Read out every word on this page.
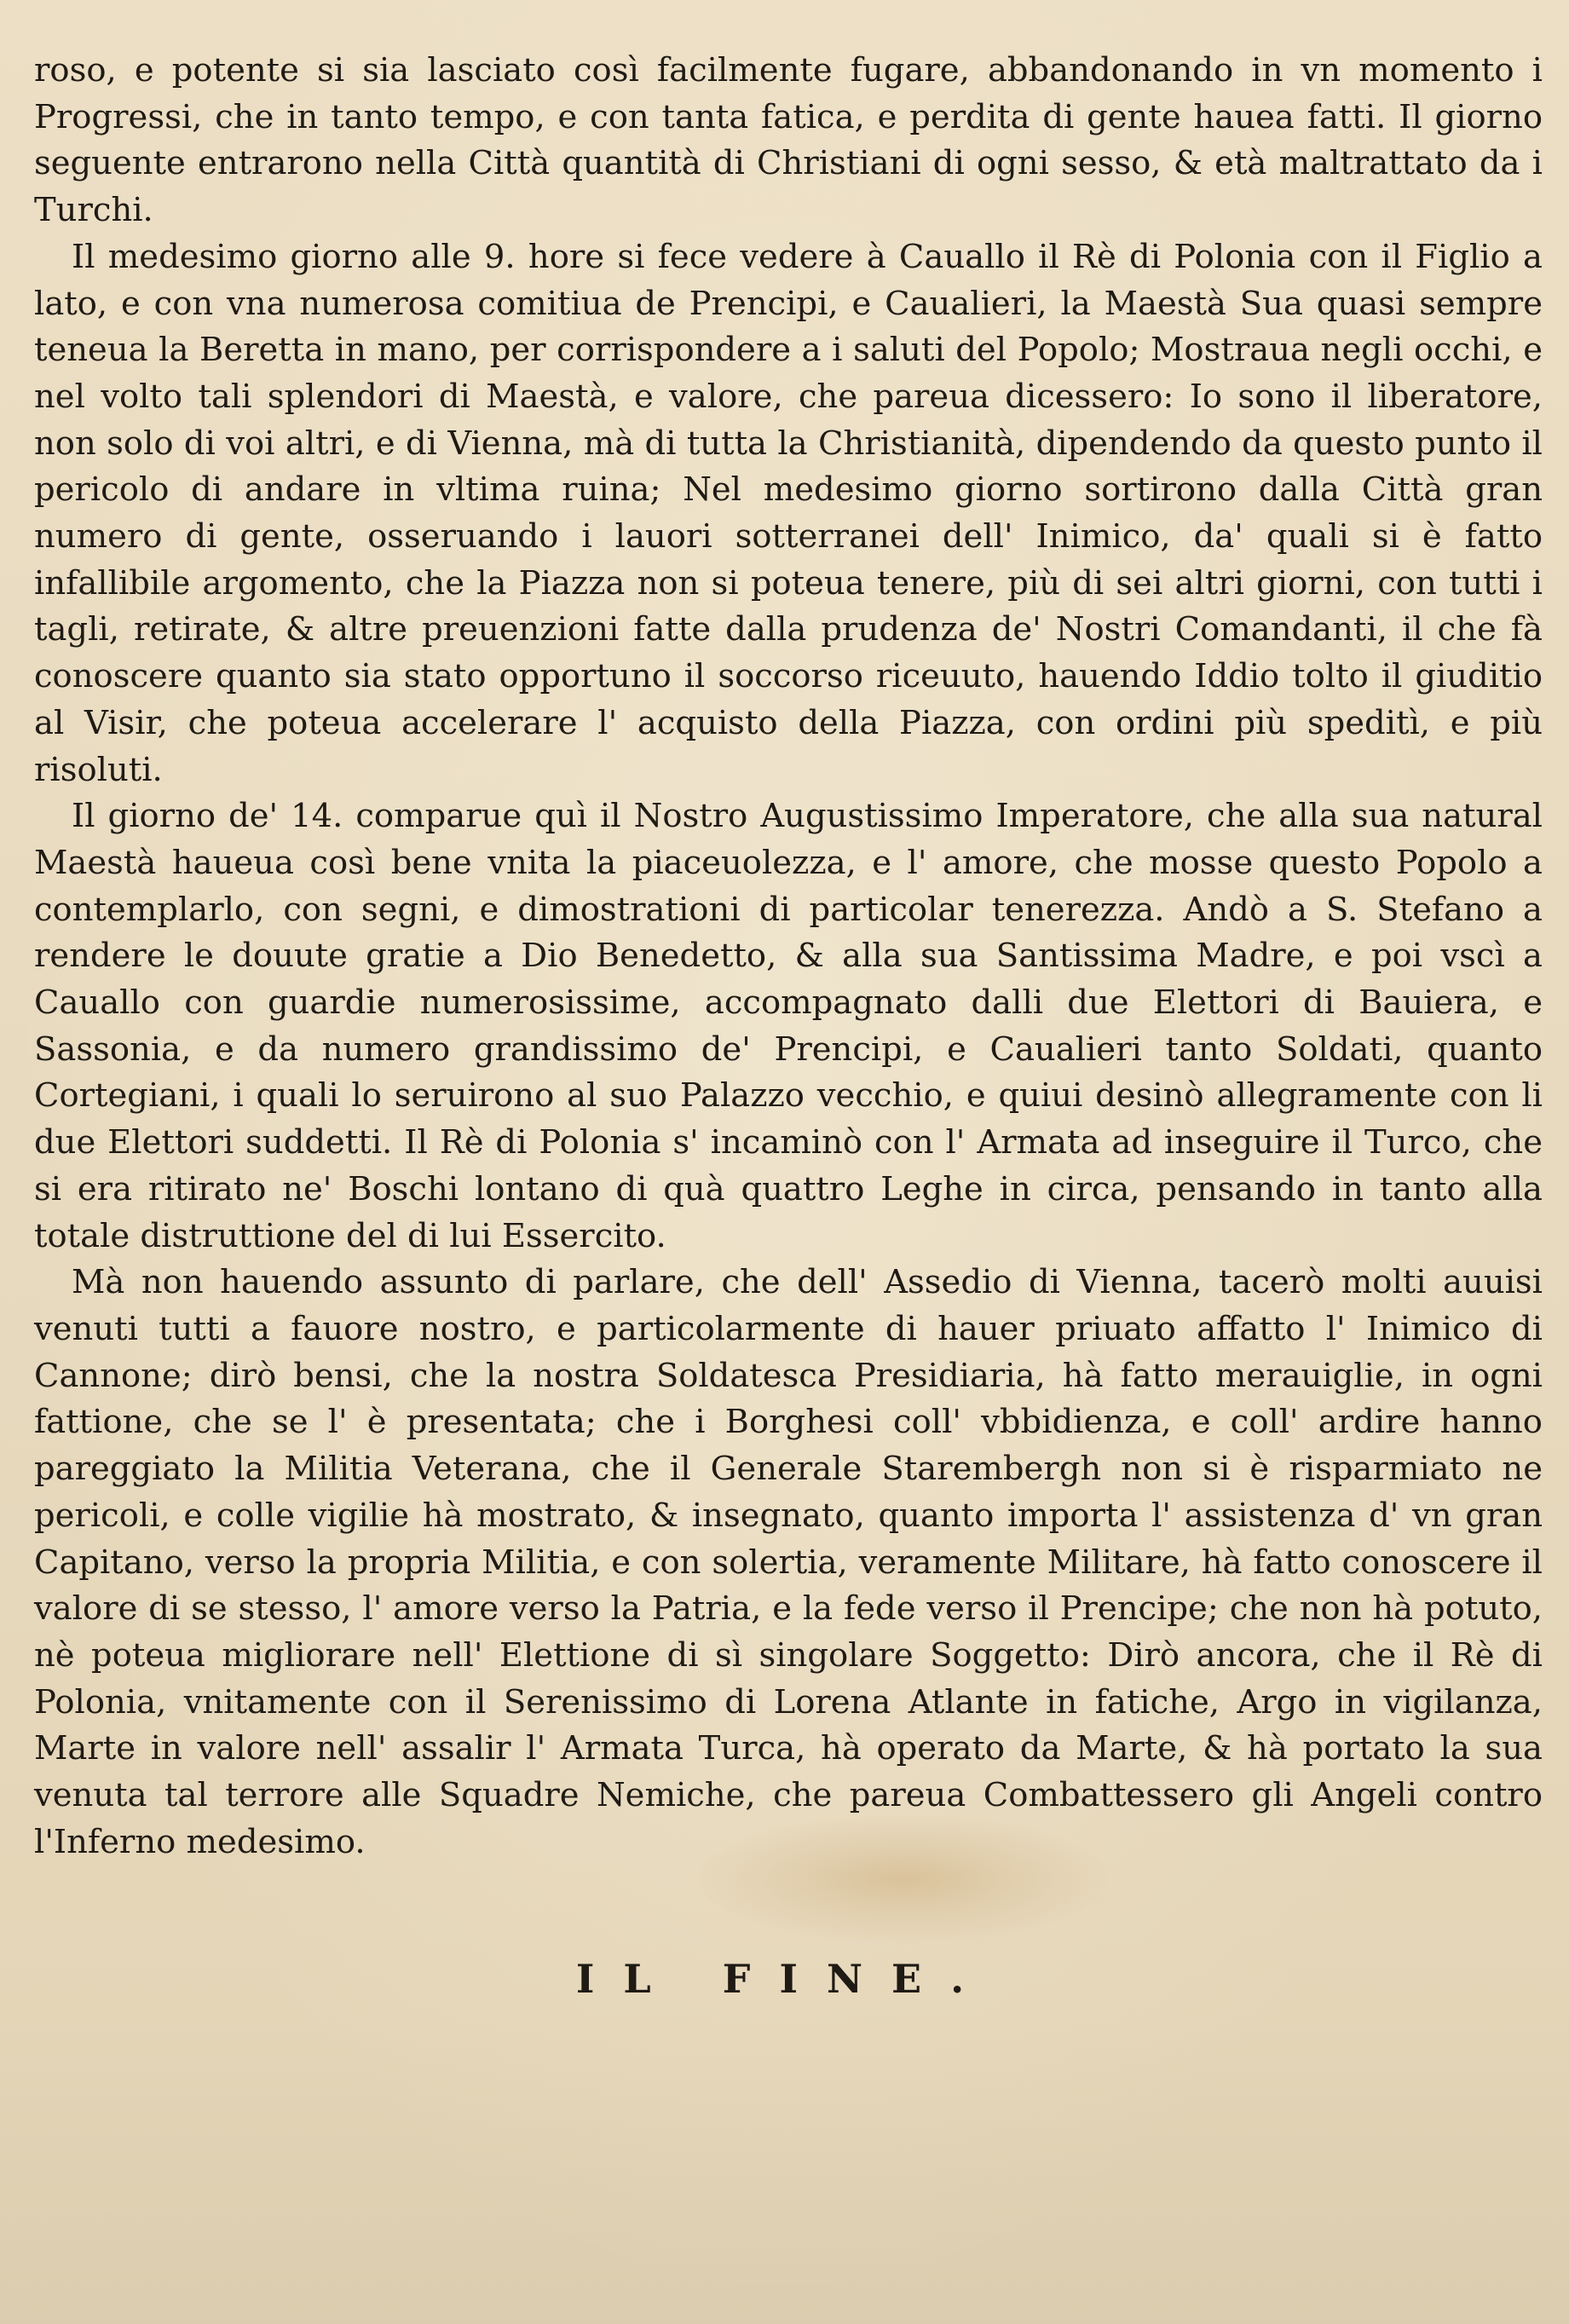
roso, e potente si sia lasciato così facilmente fugare, abbandonando in vn momento i Progressi, che in tanto tempo, e con tanta fatica, e perdita di gente hauea fatti. Il giorno seguente entrarono nella Città quantità di Christiani di ogni sesso, & età maltrattato da i Turchi.

Il medesimo giorno alle 9. hore si fece vedere à Cauallo il Rè di Polonia con il Figlio a lato, e con vna numerosa comitiua de Prencipi, e Caualieri, la Maestà Sua quasi sempre teneua la Beretta in mano, per corrispondere a i saluti del Popolo; Mostraua negli occhi, e nel volto tali splendori di Maestà, e valore, che pareua dicessero: Io sono il liberatore, non solo di voi altri, e di Vienna, mà di tutta la Christianità, dipendendo da questo punto il pericolo di andare in vltima ruina; Nel medesimo giorno sortirono dalla Città gran numero di gente, osseruando i lauori sotterranei dell' Inimico, da' quali si è fatto infallibile argomento, che la Piazza non si poteua tenere, più di sei altri giorni, con tutti i tagli, retirate, & altre preuenzioni fatte dalla prudenza de' Nostri Comandanti, il che fà conoscere quanto sia stato opportuno il soccorso riceuuto, hauendo Iddio tolto il giuditio al Visir, che poteua accelerare l' acquisto della Piazza, con ordini più speditì, e più risoluti.

Il giorno de' 14. comparue quì il Nostro Augustissimo Imperatore, che alla sua natural Maestà haueua così bene vnita la piaceuolezza, e l' amore, che mosse questo Popolo a contemplarlo, con segni, e dimostrationi di particolar tenerezza. Andò a S. Stefano a rendere le douute gratie a Dio Benedetto, & alla sua Santissima Madre, e poi vscì a Cauallo con guardie numerosissime, accompagnato dalli due Elettori di Bauiera, e Sassonia, e da numero grandissimo de' Prencipi, e Caualieri tanto Soldati, quanto Cortegiani, i quali lo seruirono al suo Palazzo vecchio, e quiui desinò allegramente con li due Elettori suddetti. Il Rè di Polonia s' incaminò con l' Armata ad inseguire il Turco, che si era ritirato ne' Boschi lontano di quà quattro Leghe in circa, pensando in tanto alla totale distruttione del di lui Essercito.

Mà non hauendo assunto di parlare, che dell' Assedio di Vienna, tacerò molti auuisi venuti tutti a fauore nostro, e particolarmente di hauer priuato affatto l' Inimico di Cannone; dirò bensi, che la nostra Soldatesca Presidiaria, hà fatto merauiglie, in ogni fattione, che se l' è presentata; che i Borghesi coll' vbbidienza, e coll' ardire hanno pareggiato la Militia Veterana, che il Generale Starembergh non si è risparmiato ne pericoli, e colle vigilie hà mostrato, & insegnato, quanto importa l' assistenza d' vn gran Capitano, verso la propria Militia, e con solertia, veramente Militare, hà fatto conoscere il valore di se stesso, l' amore verso la Patria, e la fede verso il Prencipe; che non hà potuto, nè poteua migliorare nell' Elettione di sì singolare Soggetto: Dirò ancora, che il Rè di Polonia, vnitamente con il Serenissimo di Lorena Atlante in fatiche, Argo in vigilanza, Marte in valore nell' assalir l' Armata Turca, hà operato da Marte, & hà portato la sua venuta tal terrore alle Squadre Nemiche, che pareua Combattessero gli Angeli contro l'Inferno medesimo.

IL FINE.
